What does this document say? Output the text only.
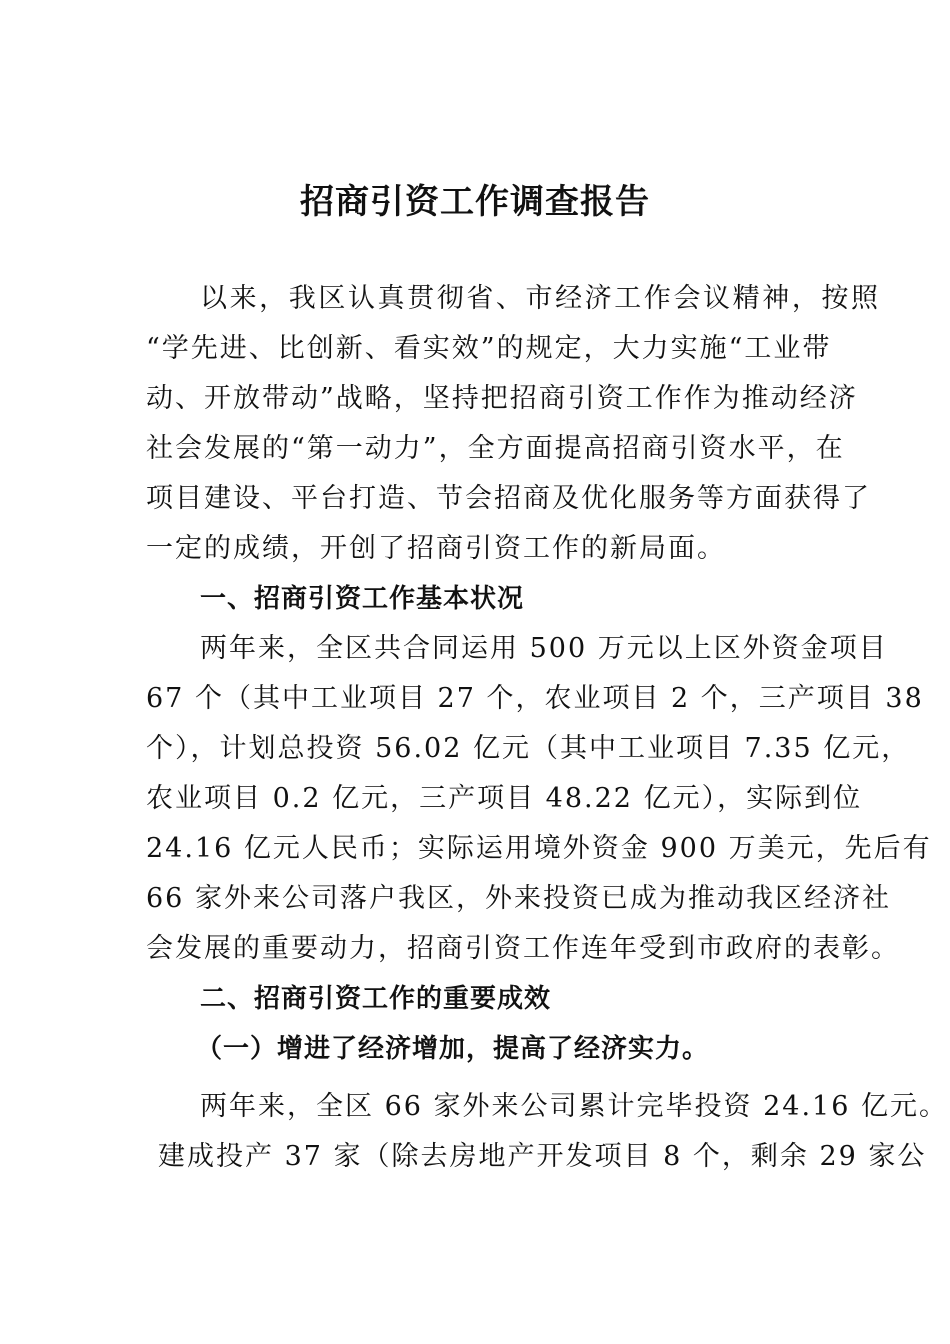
招商引资工作调查报告
以来，我区认真贯彻省、市经济工作会议精神，按照
“学先进、比创新、看实效”的规定，大力实施“工业带
动、开放带动”战略，坚持把招商引资工作作为推动经济
社会发展的“第一动力”，全方面提高招商引资水平，在
项目建设、平台打造、节会招商及优化服务等方面获得了
一定的成绩，开创了招商引资工作的新局面。
一、招商引资工作基本状况
两年来，全区共合同运用 500 万元以上区外资金项目
67 个（其中工业项目 27 个，农业项目 2 个，三产项目 38
个），计划总投资 56.02 亿元（其中工业项目 7.35 亿元，
农业项目 0.2 亿元，三产项目 48.22 亿元），实际到位
24.16 亿元人民币；实际运用境外资金 900 万美元，先后有
66 家外来公司落户我区，外来投资已成为推动我区经济社
会发展的重要动力，招商引资工作连年受到市政府的表彰。
二、招商引资工作的重要成效
（一）增进了经济增加，提高了经济实力。
两年来，全区 66 家外来公司累计完毕投资 24.16 亿元。
建成投产 37 家（除去房地产开发项目 8 个，剩余 29 家公
